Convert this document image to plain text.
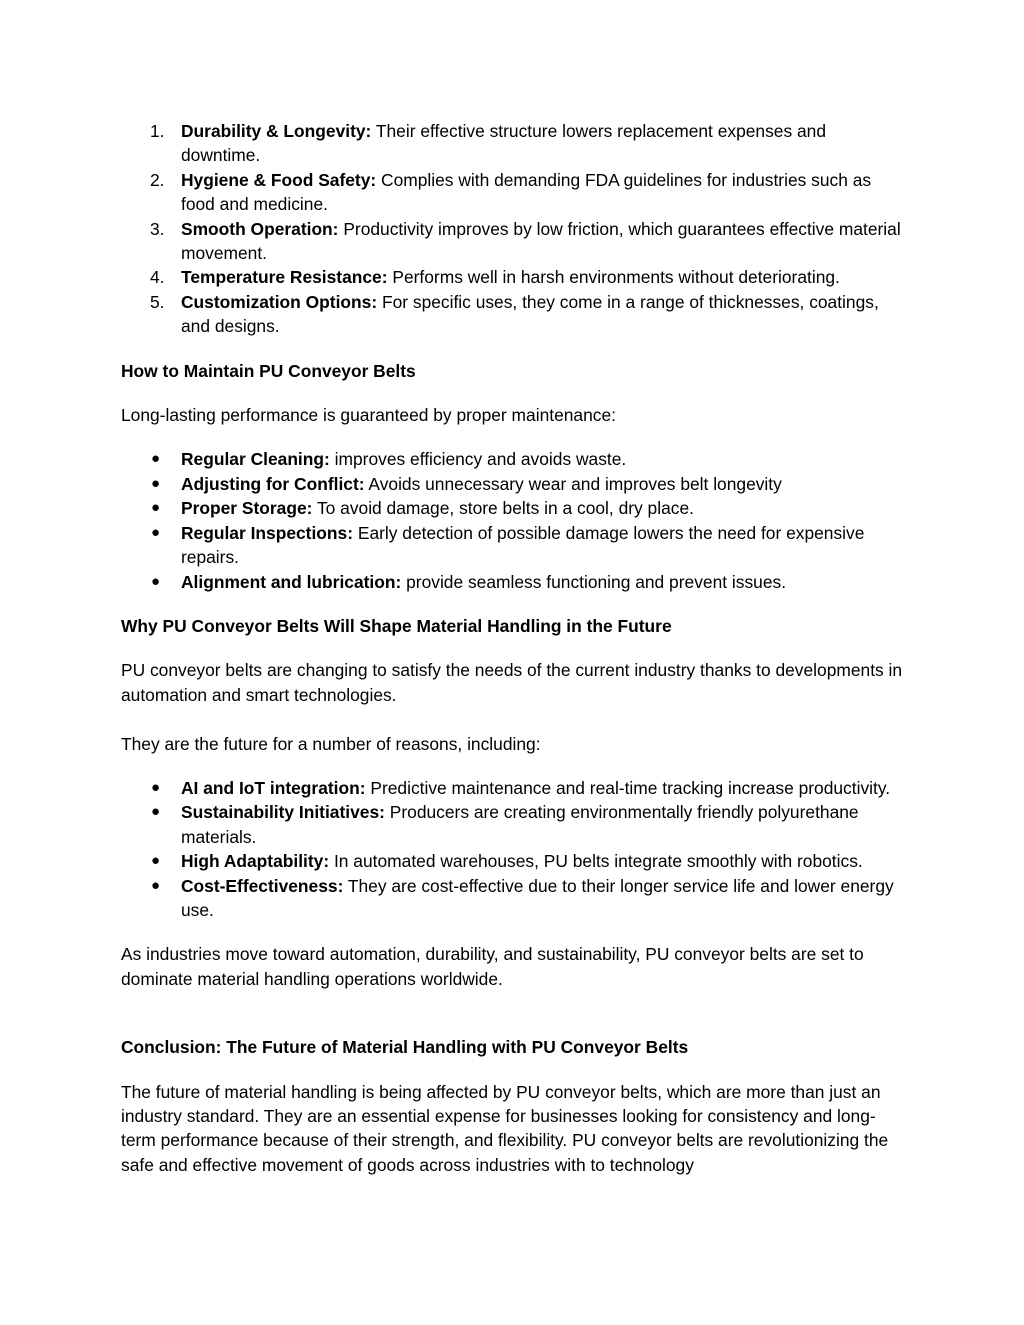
1. Durability & Longevity: Their effective structure lowers replacement expenses and downtime.
2. Hygiene & Food Safety: Complies with demanding FDA guidelines for industries such as food and medicine.
3. Smooth Operation: Productivity improves by low friction, which guarantees effective material movement.
4. Temperature Resistance: Performs well in harsh environments without deteriorating.
5. Customization Options: For specific uses, they come in a range of thicknesses, coatings, and designs.

How to Maintain PU Conveyor Belts

Long-lasting performance is guaranteed by proper maintenance:

● Regular Cleaning: improves efficiency and avoids waste.
● Adjusting for Conflict: Avoids unnecessary wear and improves belt longevity
● Proper Storage: To avoid damage, store belts in a cool, dry place.
● Regular Inspections: Early detection of possible damage lowers the need for expensive repairs.
● Alignment and lubrication: provide seamless functioning and prevent issues.

Why PU Conveyor Belts Will Shape Material Handling in the Future

PU conveyor belts are changing to satisfy the needs of the current industry thanks to developments in automation and smart technologies.

They are the future for a number of reasons, including:

● AI and IoT integration: Predictive maintenance and real-time tracking increase productivity.
● Sustainability Initiatives: Producers are creating environmentally friendly polyurethane materials.
● High Adaptability: In automated warehouses, PU belts integrate smoothly with robotics.
● Cost-Effectiveness: They are cost-effective due to their longer service life and lower energy use.

As industries move toward automation, durability, and sustainability, PU conveyor belts are set to dominate material handling operations worldwide.

Conclusion: The Future of Material Handling with PU Conveyor Belts

The future of material handling is being affected by PU conveyor belts, which are more than just an industry standard. They are an essential expense for businesses looking for consistency and long-term performance because of their strength, and flexibility. PU conveyor belts are revolutionizing the safe and effective movement of goods across industries with to technology
